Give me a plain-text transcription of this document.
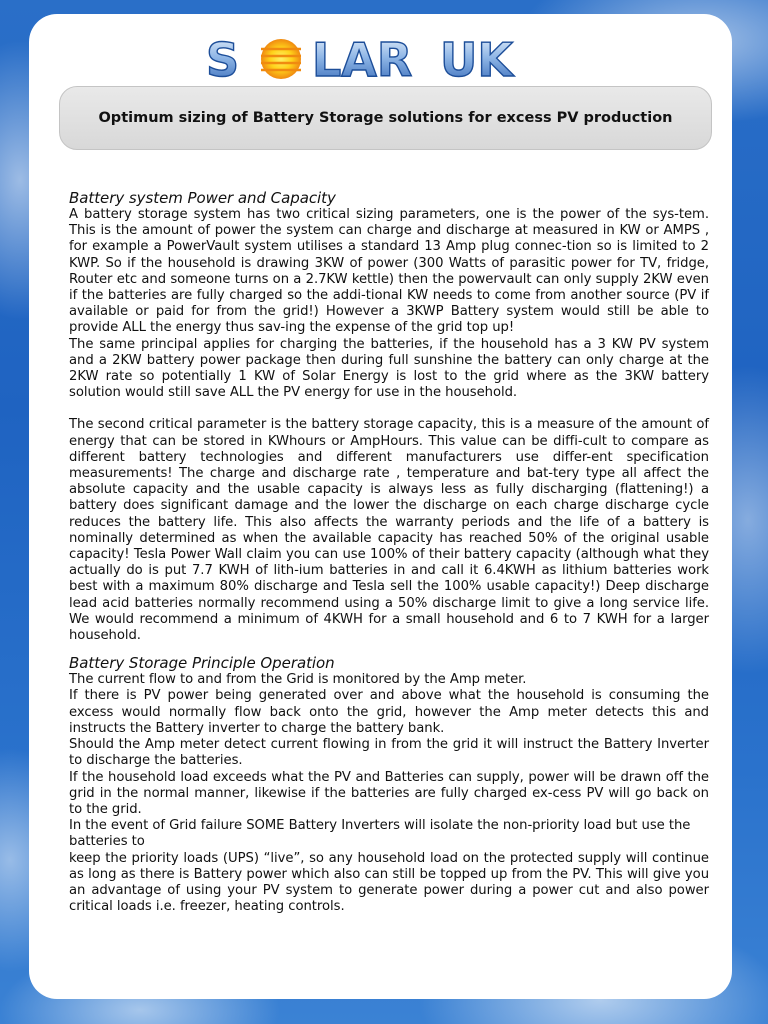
S LAR UK
Optimum sizing of Battery Storage solutions for excess PV production
Battery system Power and Capacity

A battery storage system has two critical sizing parameters, one is the power of the sys-tem. This is the amount of power the system can charge and discharge at measured in KW or AMPS , for example a PowerVault system utilises a standard 13 Amp plug connec-tion so is limited to 2 KWP. So if the household is drawing 3KW of power (300 Watts of parasitic power for TV, fridge, Router etc and someone turns on a 2.7KW kettle) then the powervault can only supply 2KW even if the batteries are fully charged so the addi-tional KW needs to come from another source (PV if available or paid for from the grid!) However a 3KWP Battery system would still be able to provide ALL the energy thus sav-ing the expense of the grid top up!

The same principal applies for charging the batteries, if the household has a 3 KW PV system and a 2KW battery power package then during full sunshine the battery can only charge at the 2KW rate so potentially 1 KW of Solar Energy is lost to the grid where as the 3KW battery solution would still save ALL the PV energy for use in the household.

The second critical parameter is the battery storage capacity, this is a measure of the amount of energy that can be stored in KWhours or AmpHours. This value can be diffi-cult to compare as different battery technologies and different manufacturers use differ-ent specification measurements! The charge and discharge rate , temperature and bat-tery type all affect the absolute capacity and the usable capacity is always less as fully discharging (flattening!) a battery does significant damage and the lower the discharge on each charge discharge cycle reduces the battery life. This also affects the warranty periods and the life of a battery is nominally determined as when the available capacity has reached 50% of the original usable capacity! Tesla Power Wall claim you can use 100% of their battery capacity (although what they actually do is put 7.7 KWH of lith-ium batteries in and call it 6.4KWH as lithium batteries work best with a maximum 80% discharge and Tesla sell the 100% usable capacity!) Deep discharge lead acid batteries normally recommend using a 50% discharge limit to give a long service life. We would recommend a minimum of 4KWH for a small household and 6 to 7 KWH for a larger household.

Battery Storage Principle Operation

The current flow to and from the Grid is monitored by the Amp meter.

If there is PV power being generated over and above what the household is consuming the excess would normally flow back onto the grid, however the Amp meter detects this and instructs the Battery inverter to charge the battery bank.

Should the Amp meter detect current flowing in from the grid it will instruct the Battery Inverter to discharge the batteries.

If the household load exceeds what the PV and Batteries can supply, power will be drawn off the grid in the normal manner, likewise if the batteries are fully charged ex-cess PV will go back on to the grid.

In the event of Grid failure SOME Battery Inverters will isolate the non-priority load but use the batteries to

keep the priority loads (UPS) “live”, so any household load on the protected supply will continue as long as there is Battery power which also can still be topped up from the PV. This will give you an advantage of using your PV system to generate power during a power cut and also power critical loads i.e. freezer, heating controls.
